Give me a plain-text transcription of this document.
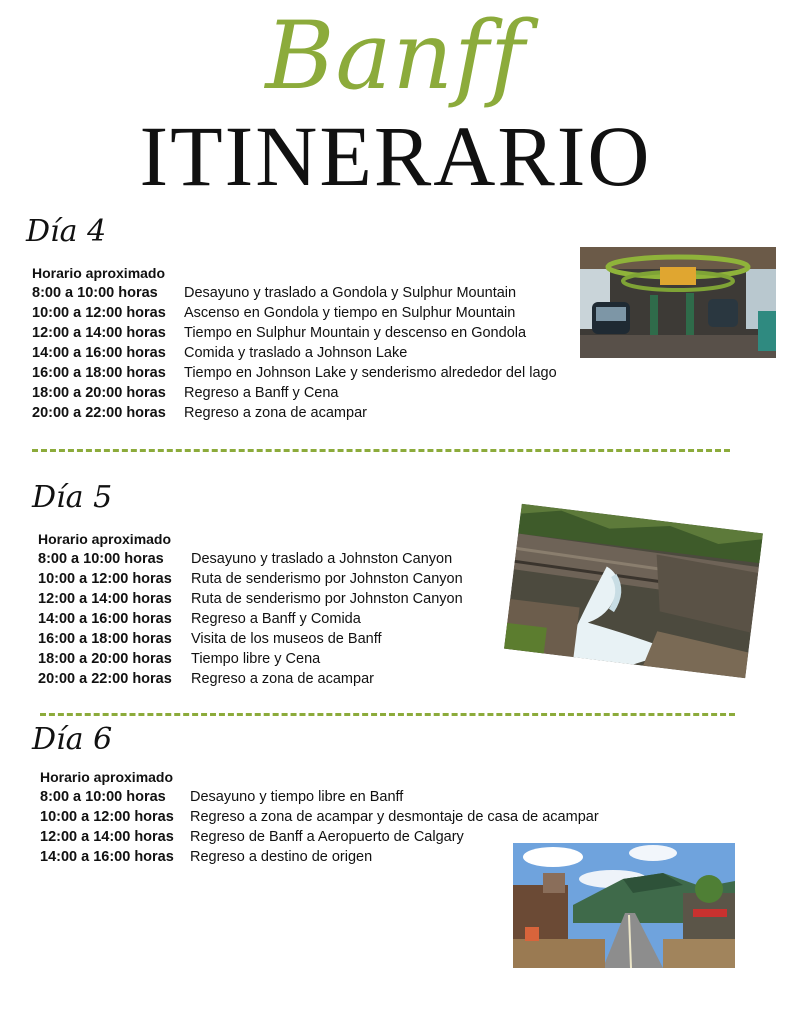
Banff
ITINERARIO
Día 4
Horario aproximado
8:00 a 10:00 horas	Desayuno y traslado a Gondola y Sulphur Mountain
10:00 a 12:00 horas	Ascenso en Gondola y tiempo en Sulphur Mountain
12:00 a 14:00 horas	Tiempo en Sulphur Mountain y descenso en Gondola
14:00 a 16:00 horas	Comida y traslado a Johnson Lake
16:00 a 18:00 horas	Tiempo en Johnson Lake y senderismo alrededor del lago
18:00 a 20:00 horas	Regreso a Banff y Cena
20:00 a 22:00 horas	Regreso a zona de acampar
Día 5
Horario aproximado
8:00 a 10:00 horas	Desayuno y traslado a Johnston Canyon
10:00 a 12:00 horas	Ruta de senderismo por Johnston Canyon
12:00 a 14:00 horas	Ruta de senderismo por Johnston Canyon
14:00 a 16:00 horas	Regreso a Banff y Comida
16:00 a 18:00 horas	Visita de los museos de Banff
18:00 a 20:00 horas	Tiempo libre y Cena
20:00 a 22:00 horas	Regreso a zona de acampar
Día 6
Horario aproximado
8:00 a 10:00 horas	Desayuno y tiempo libre en Banff
10:00 a 12:00 horas	Regreso a zona de acampar y desmontaje de casa de acampar
12:00 a 14:00 horas	Regreso de Banff a Aeropuerto de Calgary
14:00 a 16:00 horas	Regreso a destino de origen
